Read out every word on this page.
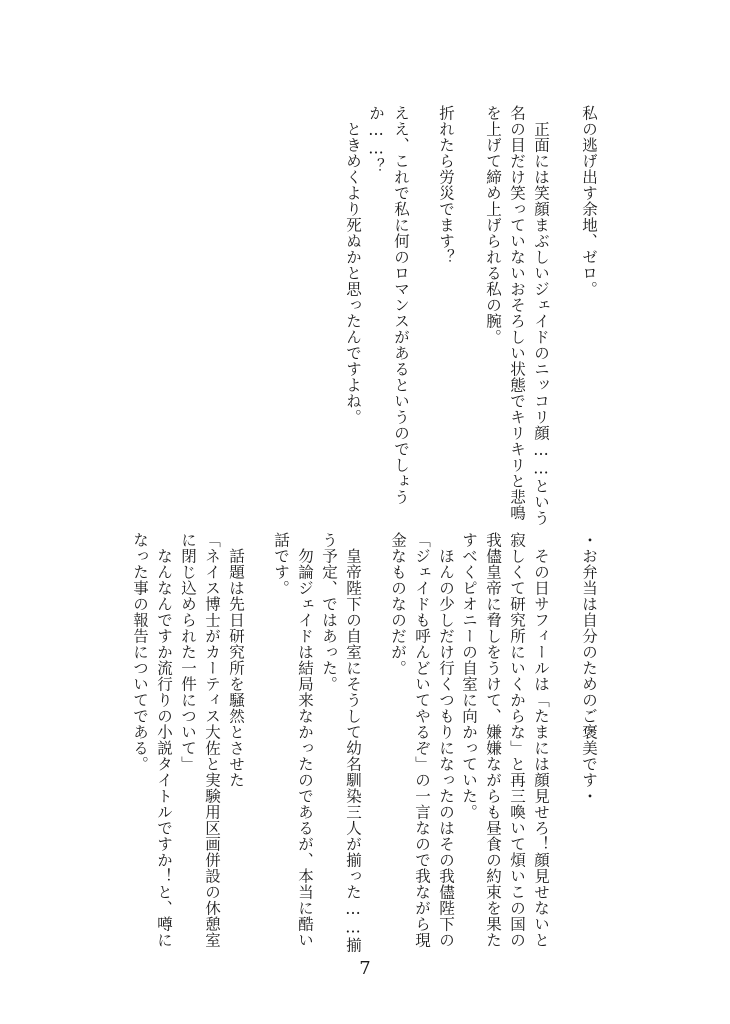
私の逃げ出す余地、ゼロ。
　正面には笑顔まぶしいジェイドのニッコリ顔……という
名の目だけ笑っていないおそろしい状態でキリキリと悲鳴
を上げて締め上げられる私の腕。
折れたら労災でます？
ええ、これで私に何のロマンスがあるというのでしょう
か……？
　ときめくより死ぬかと思ったんですよね。
・お弁当は自分のためのご褒美です・
　その日サフィールは「たまには顔見せろ！顔見せないと
寂しくて研究所にいくからな」と再三喚いて煩いこの国の
我儘皇帝に脅しをうけて、嫌嫌ながらも昼食の約束を果た
すべくピオニーの自室に向かっていた。
　ほんの少しだけ行くつもりになったのはその我儘陛下の
「ジェイドも呼んどいてやるぞ」の一言なので我ながら現
金なものなのだが。
　皇帝陛下の自室にそうして幼名馴染三人が揃った……揃
う予定、ではあった。
　勿論ジェイドは結局来なかったのであるが、本当に酷い
話です。
　話題は先日研究所を騒然とさせた
「ネイス博士がカーティス大佐と実験用区画併設の休憩室
に閉じ込められた一件について」
　なんなんですか流行りの小説タイトルですか！と、噂に
なった事の報告についてである。

7
